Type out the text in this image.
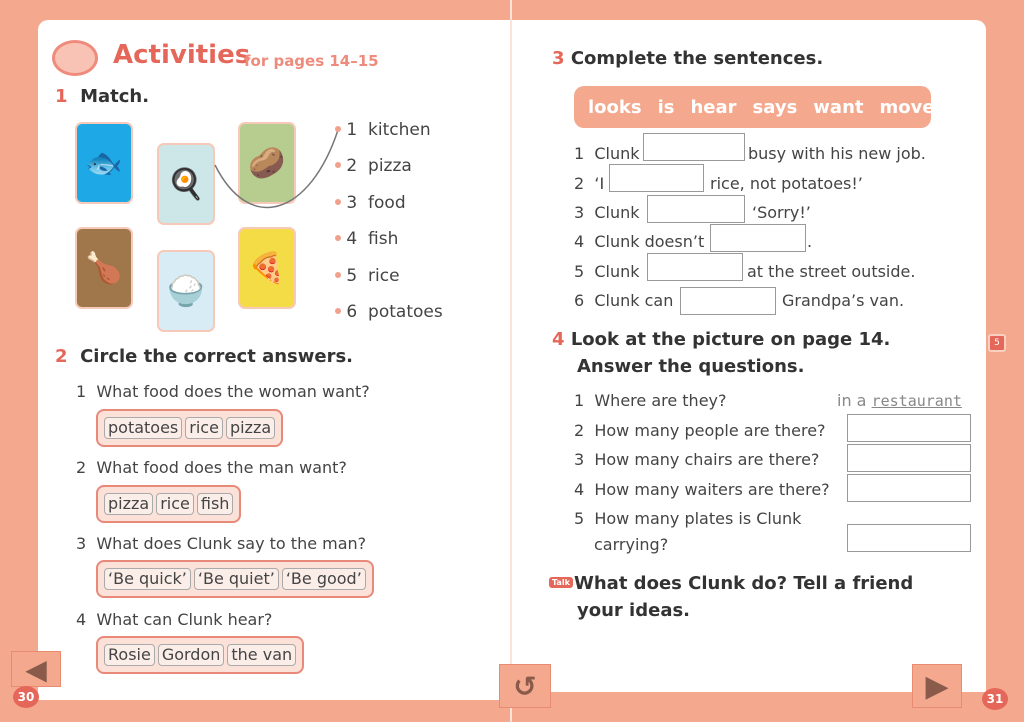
Activities
for pages 14–15
1 Match.
🐟
🍳
🥔
🍗
🍚
🍕
1 kitchen
2 pizza
3 food
4 fish
5 rice
6 potatoes
2 Circle the correct answers.
1 What food does the woman want?
potatoes rice pizza
2 What food does the man want?
pizza rice fish
3 What does Clunk say to the man?
‘Be quick’ ‘Be quiet’ ‘Be good’
4 What can Clunk hear?
Rosie Gordon the van
3 Complete the sentences.
looks is hear says want move
1 Clunk	busy with his new job.
2 ‘I	rice, not potatoes!’
3 Clunk	‘Sorry!’
4 Clunk doesn’t	.
5 Clunk	at the street outside.
6 Clunk can	Grandpa’s van.
4 Look at the picture on page 14.
Answer the questions.
1 Where are they?	in a restaurant
2 How many people are there?
3 How many chairs are there?
4 How many waiters are there?
5 How many plates is Clunk
carrying?
Talk What does Clunk do? Tell a friend
your ideas.
5
◀
↺	▶
30	31
